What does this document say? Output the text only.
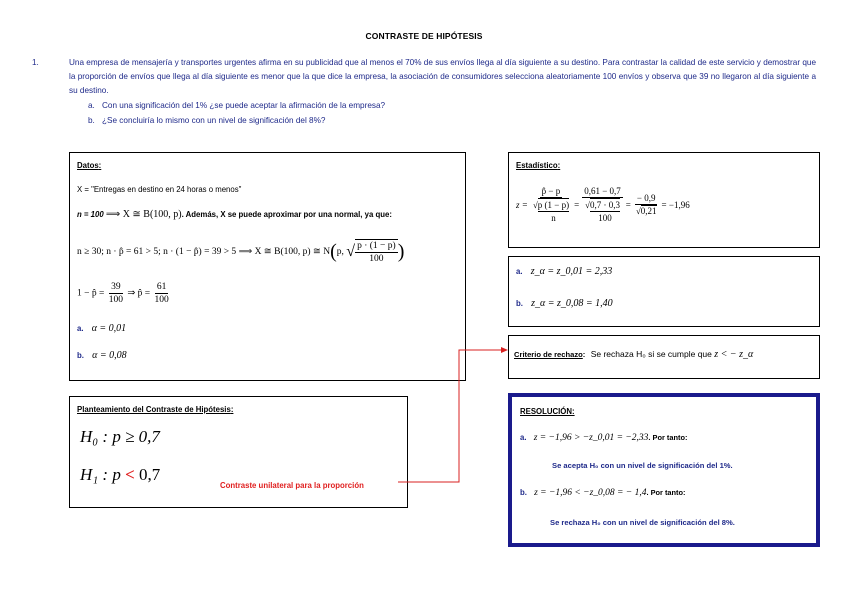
CONTRASTE DE HIPÓTESIS
1.	Una empresa de mensajería y transportes urgentes afirma en su publicidad que al menos el 70% de sus envíos llega al día siguiente a su destino. Para contrastar la calidad de este servicio y demostrar que la proporción de envíos que llega al día siguiente es menor que la que dice la empresa, la asociación de consumidores selecciona aleatoriamente 100 envíos y observa que 39 no llegaron al día siguiente a su destino.
a. Con una significación del 1% ¿se puede aceptar la afirmación de la empresa?
b. ¿Se concluiría lo mismo con un nivel de significación del 8%?
Datos:
X = "Entregas en destino en 24 horas o menos"
n = 100 ⟹ X ≅ B(100, p). Además, X se puede aproximar por una normal, ya que:
n ≥ 30; n · p̂ = 61 > 5; n · (1 − p̂) = 39 > 5 ⟹ X ≅ B(100, p) ≅ N(p, √ $\frac{p \cdot (1 - p)}{100}$ )
1 − p̂ = $\frac{39}{100}$ ⇒ p̂ = $\frac{61}{100}$
a. α = 0,01
b. α = 0,08
Estadístico:
$z = \frac{p̂ - p}{√ \frac{p (1 - p)}{n}} = \frac{0,61 - 0,7}{√ \frac{0,7 \cdot 0,3}{100}} = \frac{- 0,9}{√0,21} = -1,96$
a. z_α = z_0,01 = 2,33
b. z_α = z_0,08 = 1,40
Criterio de rechazo: Se rechaza H₀ si se cumple que z < − z_α
Planteamiento del Contraste de Hipótesis:
H₀ : p ≥ 0,7
H₁ : p < 0,7
Contraste unilateral para la proporción
RESOLUCIÓN:
a. z = −1,96 > −z_0,01 = −2,33. Por tanto:
Se acepta H₀ con un nivel de significación del 1%.
b. z = −1,96 < −z_0,08 = − 1,4. Por tanto:
Se rechaza H₀ con un nivel de significación del 8%.
